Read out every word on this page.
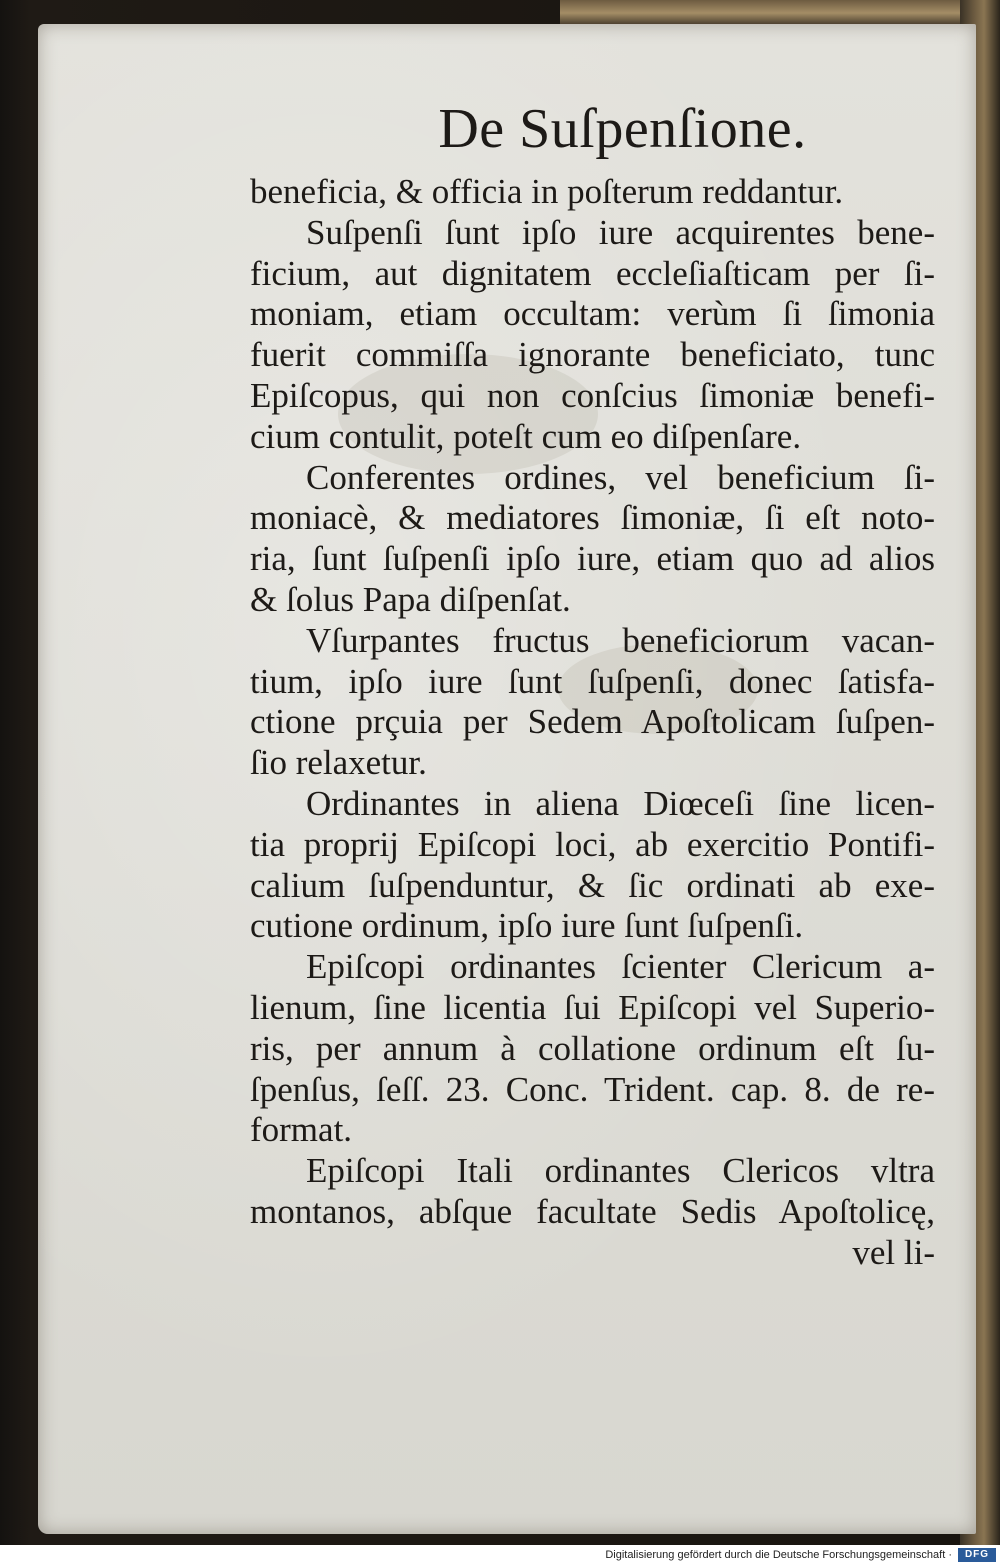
De Suſpenſione.
beneficia, & officia in poſterum reddantur.
Suſpenſi ſunt ipſo iure acquirentes bene-
ficium, aut dignitatem eccleſiaſticam per ſi-
moniam, etiam occultam: verùm ſi ſimonia
fuerit commiſſa ignorante beneficiato, tunc
Epiſcopus, qui non conſcius ſimoniæ benefi-
cium contulit, poteſt cum eo diſpenſare.
Conferentes ordines, vel beneficium ſi-
moniacè, & mediatores ſimoniæ, ſi eſt noto-
ria, ſunt ſuſpenſi ipſo iure, etiam quo ad alios
& ſolus Papa diſpenſat.
Vſurpantes fructus beneficiorum vacan-
tium, ipſo iure ſunt ſuſpenſi, donec ſatisfa-
ctione prçuia per Sedem Apoſtolicam ſuſpen-
ſio relaxetur.
Ordinantes in aliena Diœceſi ſine licen-
tia proprij Epiſcopi loci, ab exercitio Pontifi-
calium ſuſpenduntur, & ſic ordinati ab exe-
cutione ordinum, ipſo iure ſunt ſuſpenſi.
Epiſcopi ordinantes ſcienter Clericum a-
lienum, ſine licentia ſui Epiſcopi vel Superio-
ris, per annum à collatione ordinum eſt ſu-
ſpenſus, ſeſſ. 23. Conc. Trident. cap. 8. de re-
format.
Epiſcopi Itali ordinantes Clericos vltra
montanos, abſque facultate Sedis Apoſtolicę,
vel li-
Digitalisierung gefördert durch die Deutsche Forschungsgemeinschaft ·	DFG
